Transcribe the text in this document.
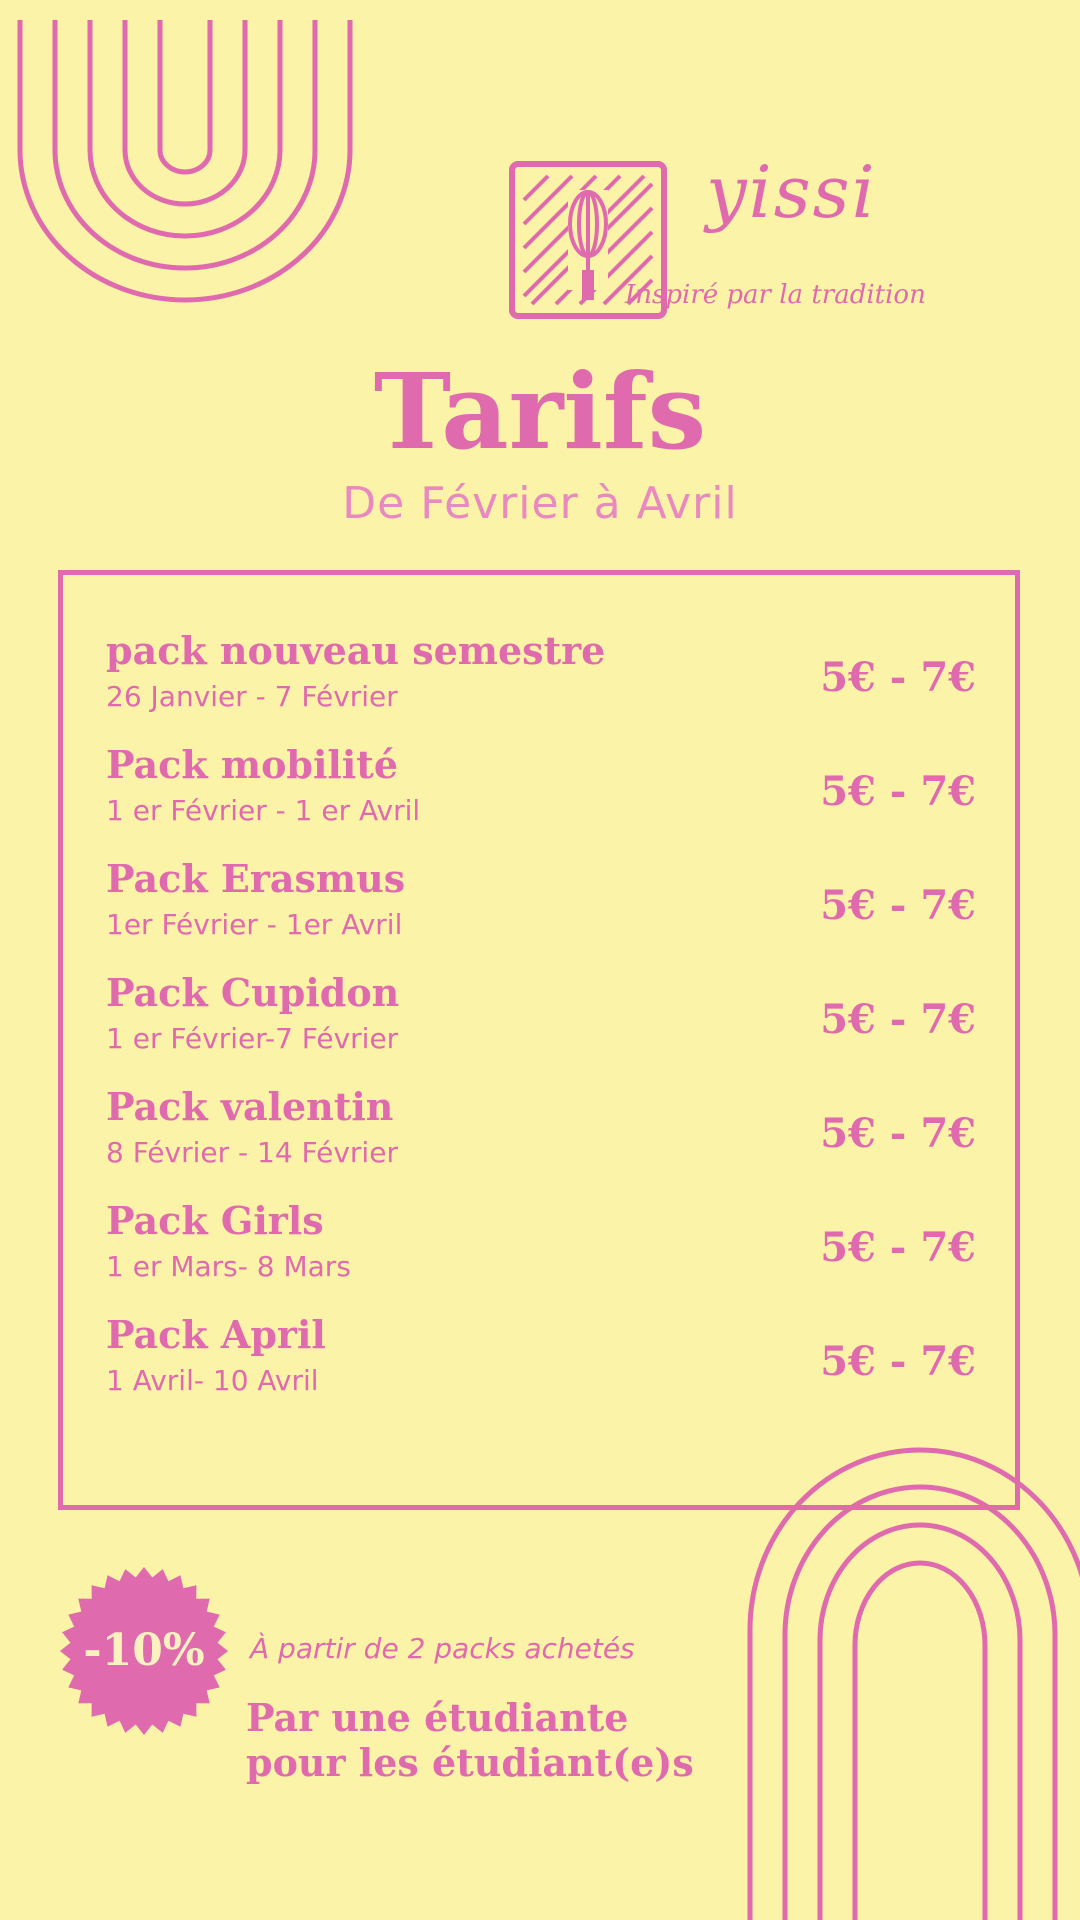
yissi
Inspiré par la tradition
Tarifs
De Février à Avril
pack nouveau semestre
26 Janvier - 7 Février	5€ - 7€
Pack mobilité
1 er Février - 1 er Avril	5€ - 7€
Pack Erasmus
1er Février - 1er Avril	5€ - 7€
Pack Cupidon
1 er Février-7 Février	5€ - 7€
Pack valentin
8 Février - 14 Février	5€ - 7€
Pack Girls
1 er Mars- 8 Mars	5€ - 7€
Pack April
1 Avril- 10 Avril	5€ - 7€
-10%	À partir de 2 packs achetés
Par une étudiante
pour les étudiant(e)s
